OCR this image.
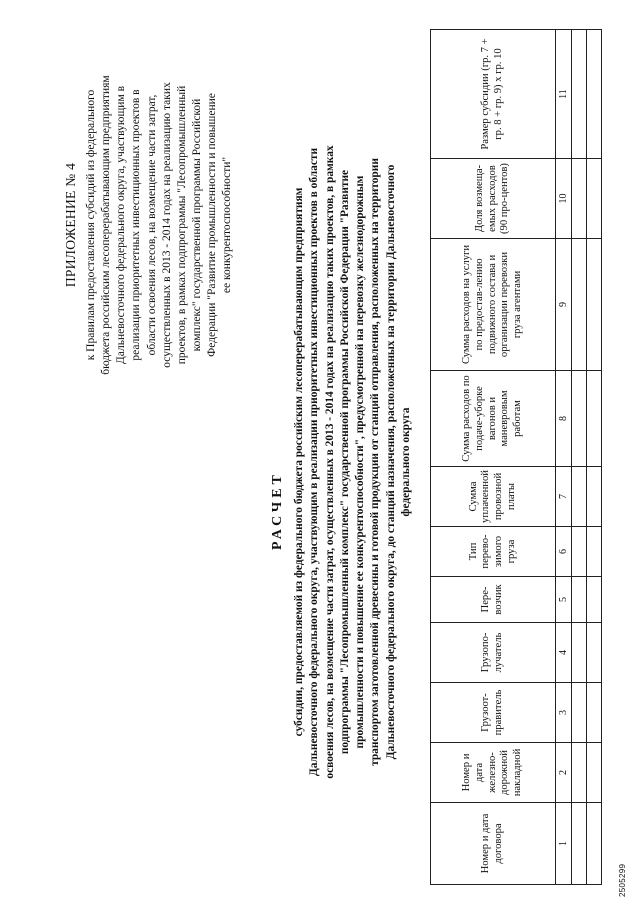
ПРИЛОЖЕНИЕ № 4 к Правилам предоставления субсидий из федерального бюджета российским лесоперерабатывающим предприятиям Дальневосточного федерального округа, участвующим в реализации приоритетных инвестиционных проектов в области освоения лесов, на возмещение части затрат, осуществленных в 2013 - 2014 годах на реализацию таких проектов, в рамках подпрограммы "Лесопромышленный комплекс" государственной программы Российской Федерации "Развитие промышленности и повышение ее конкурентоспособности"
РАСЧЕТ субсидии, предоставляемой из федерального бюджета российским лесоперерабатывающим предприятиям Дальневосточного федерального округа, участвующим в реализации приоритетных инвестиционных проектов в области освоения лесов, на возмещение части затрат, осуществленных в 2013 - 2014 годах на реализацию таких проектов, в рамках подпрограммы "Лесопромышленный комплекс" государственной программы Российской Федерации "Развитие промышленности и повышение ее конкурентоспособности", предусмотренной на перевозку железнодорожным транспортом заготовленной древесины и готовой продукции от станций отправления, расположенных на территории Дальневосточного федерального округа, до станций назначения, расположенных на территории Дальневосточного федерального округа
Номер и дата договора	Номер и дата железно-дорожной накладной	Грузоот-правитель	Грузопо-лучатель	Пере-возчик	Тип перево-зимого груза	Сумма уплаченной провозной платы	Сумма расходов по подаче-уборке вагонов и маневровым работам	Сумма расходов на услуги по предостав-лению подвижного состава и организации перевозки груза агентами	Доля возмеща-емых расходов (90 про-центов)	Размер субсидии (гр. 7 + гр. 8 + гр. 9) x гр. 10
1	2	3	4	5	6	7	8	9	10	11

2505299
